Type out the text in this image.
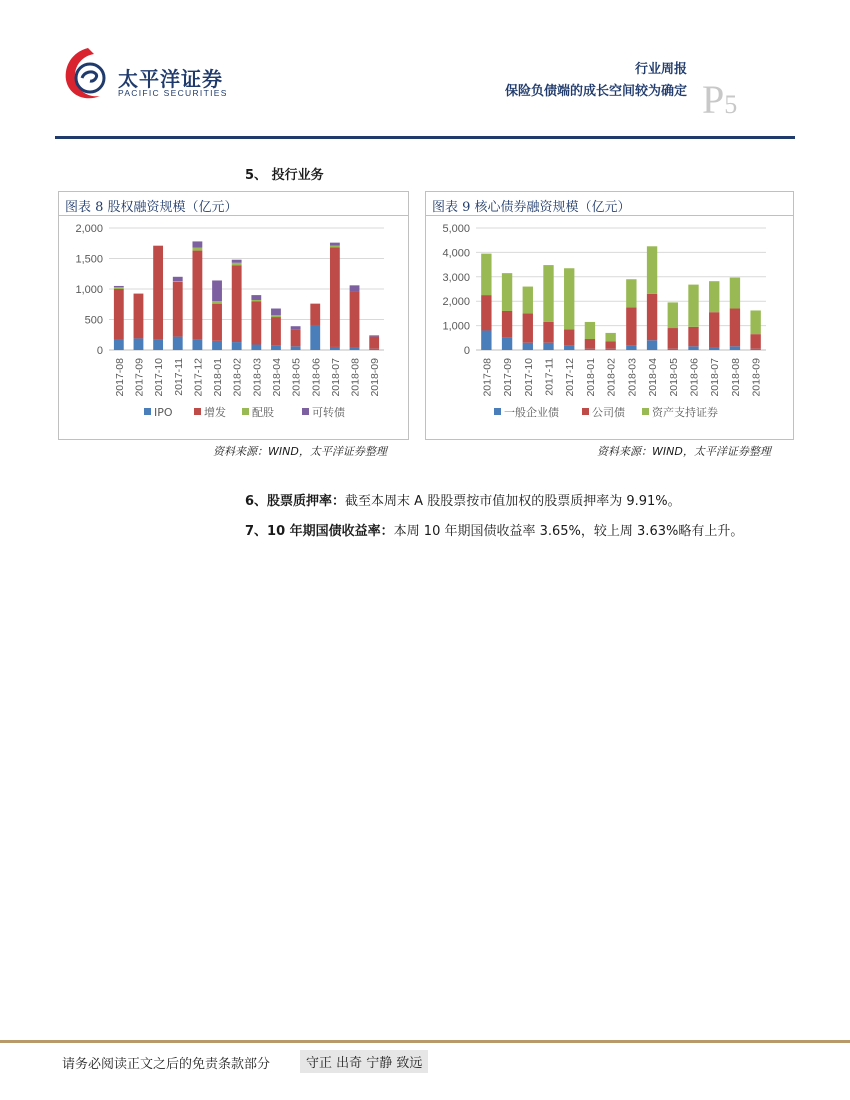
太平洋证券
PACIFIC SECURITIES
行业周报
保险负债端的成长空间较为确定 P5
5、 投行业务
图表 8 股权融资规模（亿元）
0
500
1,000
1,500
2,000
2017-08 2017-09 2017-10 2017-11 2017-12 2018-01 2018-02 2018-03 2018-04 2018-05 2018-06 2018-07 2018-08 2018-09
IPO	增发 配股	可转债
资料来源：WIND，太平洋证券整理
图表 9 核心债券融资规模（亿元）
0
1,000
2,000
3,000
4,000
5,000
2017-08 2017-09 2017-10 2017-11 2017-12 2018-01 2018-02 2018-03 2018-04 2018-05 2018-06 2018-07 2018-08 2018-09
一般企业债	公司债 资产支持证券
资料来源：WIND，太平洋证券整理
6、股票质押率：截至本周末 A 股股票按市值加权的股票质押率为 9.91%。
7、10 年期国债收益率：本周 10 年期国债收益率 3.65%，较上周 3.63%略有上升。
请务必阅读正文之后的免责条款部分	守正 出奇 宁静 致远
